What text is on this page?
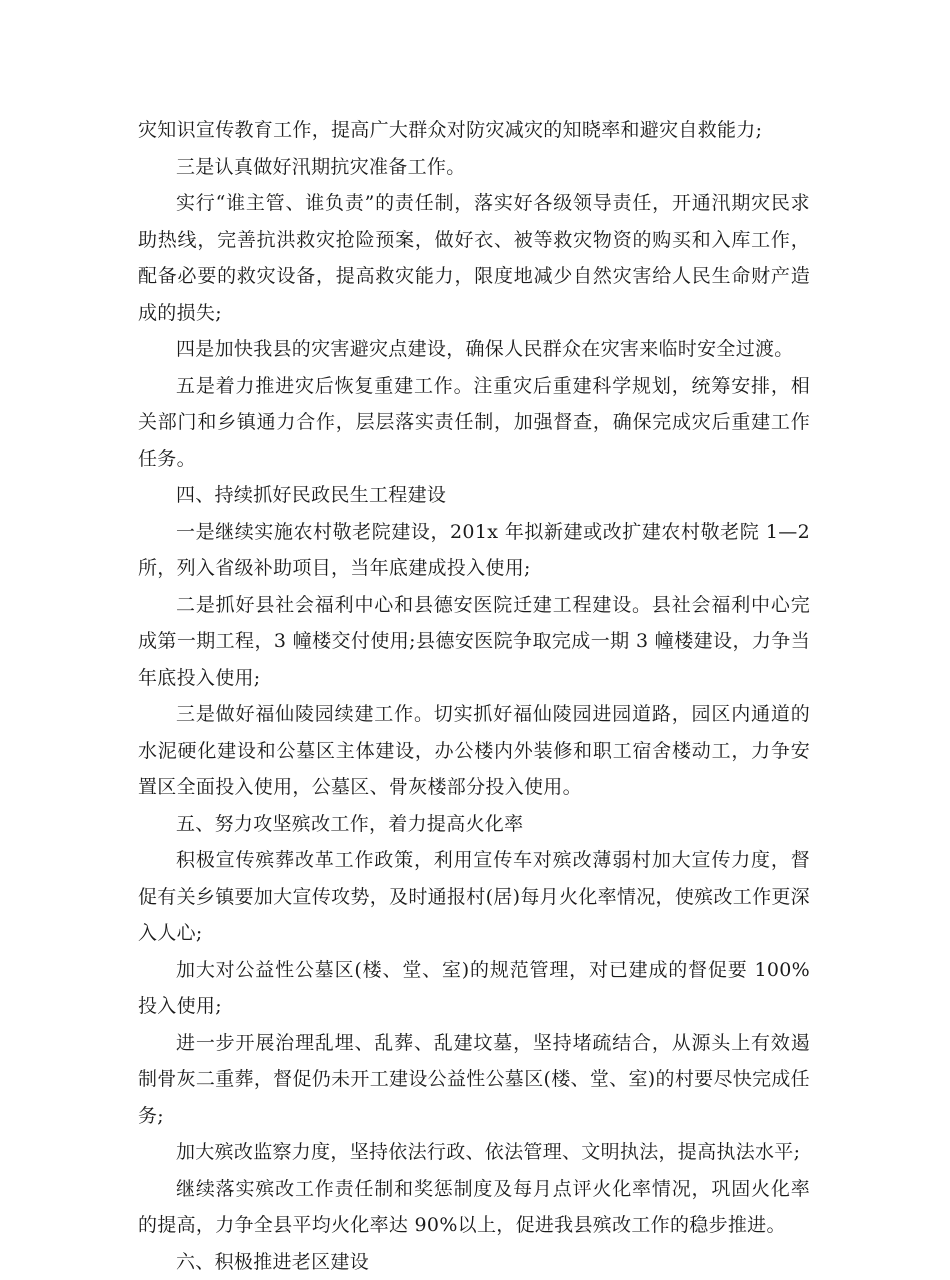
灾知识宣传教育工作，提高广大群众对防灾减灾的知晓率和避灾自救能力;

三是认真做好汛期抗灾准备工作。

实行“谁主管、谁负责”的责任制，落实好各级领导责任，开通汛期灾民求助热线，完善抗洪救灾抢险预案，做好衣、被等救灾物资的购买和入库工作，配备必要的救灾设备，提高救灾能力，限度地减少自然灾害给人民生命财产造成的损失;

四是加快我县的灾害避灾点建设，确保人民群众在灾害来临时安全过渡。

五是着力推进灾后恢复重建工作。注重灾后重建科学规划，统筹安排，相关部门和乡镇通力合作，层层落实责任制，加强督查，确保完成灾后重建工作任务。

四、持续抓好民政民生工程建设

一是继续实施农村敬老院建设，201x 年拟新建或改扩建农村敬老院 1—2 所，列入省级补助项目，当年底建成投入使用;

二是抓好县社会福利中心和县德安医院迁建工程建设。县社会福利中心完成第一期工程，3 幢楼交付使用;县德安医院争取完成一期 3 幢楼建设，力争当年底投入使用;

三是做好福仙陵园续建工作。切实抓好福仙陵园进园道路，园区内通道的水泥硬化建设和公墓区主体建设，办公楼内外装修和职工宿舍楼动工，力争安置区全面投入使用，公墓区、骨灰楼部分投入使用。

五、努力攻坚殡改工作，着力提高火化率

积极宣传殡葬改革工作政策，利用宣传车对殡改薄弱村加大宣传力度，督促有关乡镇要加大宣传攻势，及时通报村(居)每月火化率情况，使殡改工作更深入人心;

加大对公益性公墓区(楼、堂、室)的规范管理，对已建成的督促要 100%投入使用;

进一步开展治理乱埋、乱葬、乱建坟墓，坚持堵疏结合，从源头上有效遏制骨灰二重葬，督促仍未开工建设公益性公墓区(楼、堂、室)的村要尽快完成任务;

加大殡改监察力度，坚持依法行政、依法管理、文明执法，提高执法水平;

继续落实殡改工作责任制和奖惩制度及每月点评火化率情况，巩固火化率的提高，力争全县平均火化率达 90%以上，促进我县殡改工作的稳步推进。

六、积极推进老区建设
